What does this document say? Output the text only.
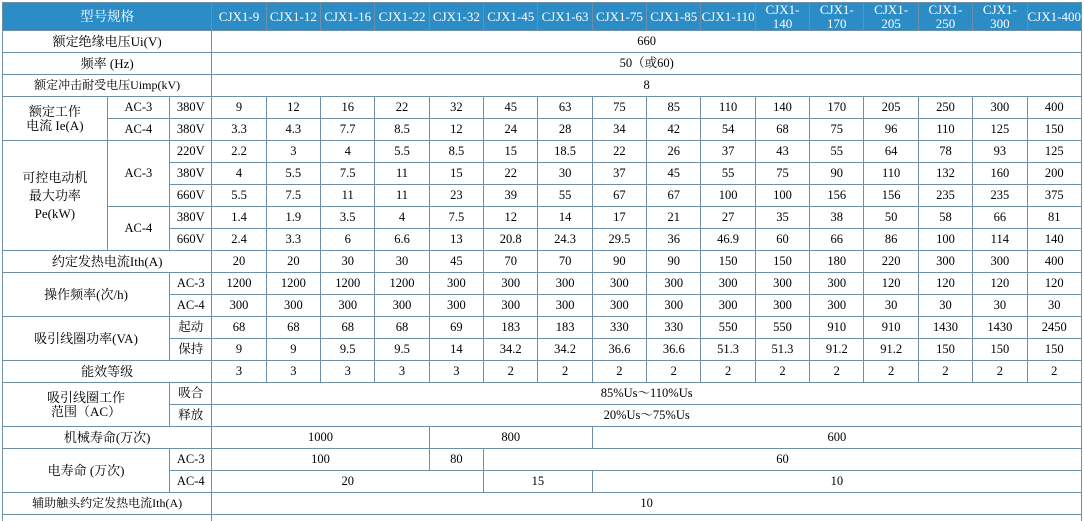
型号规格			CJX1-9	CJX1-12	CJX1-16	CJX1-22	CJX1-32	CJX1-45	CJX1-63	CJX1-75	CJX1-85	CJX1-110	CJX1-140	CJX1-170	CJX1-205	CJX1-250	CJX1-300	CJX1-400
额定绝缘电压Ui(V)			660															
频率 (Hz)			50（或60)															
额定冲击耐受电压Uimp(kV)			8															

额定工作
电流 Ie(A)	AC-3	380V	9	12	16	22	32	45	63	75	85	110	140	170	205	250	300	400
	AC-4	380V	3.3	4.3	7.7	8.5	12	24	28	34	42	54	68	75	96	110	125	150

可控电动机
最大功率
Pe(kW)	AC-3	220V	2.2	3	4	5.5	8.5	15	18.5	22	26	37	43	55	64	78	93	125
		380V	4	5.5	7.5	11	15	22	30	37	45	55	75	90	110	132	160	200
		660V	5.5	7.5	11	11	23	39	55	67	67	100	100	156	156	235	235	375
	AC-4	380V	1.4	1.9	3.5	4	7.5	12	14	17	21	27	35	38	50	58	66	81
		660V	2.4	3.3	6	6.6	13	20.8	24.3	29.5	36	46.9	60	66	86	100	114	140
约定发热电流Ith(A)			20	20	30	30	45	70	70	90	90	150	150	180	220	300	300	400
操作频率(次/h)		AC-3	1200	1200	1200	1200	300	300	300	300	300	300	300	300	120	120	120	120
		AC-4	300	300	300	300	300	300	300	300	300	300	300	300	30	30	30	30
吸引线圈功率(VA)		起动	68	68	68	68	69	183	183	330	330	550	550	910	910	1430	1430	2450
		保持	9	9	9.5	9.5	14	34.2	34.2	36.6	36.6	51.3	51.3	91.2	91.2	150	150	150
能效等级			3	3	3	3	3	2	2	2	2	2	2	2	2	2	2	2

吸引线圈工作
范围（AC）		吸合	85%Us～110%Us															
		释放	20%Us～75%Us															
机械寿命(万次)			1000				800			600								
电寿命 (万次)		AC-3	100				80	60										
		AC-4	20					15		10								
辅助触头约定发热电流Ith(A)			10															
